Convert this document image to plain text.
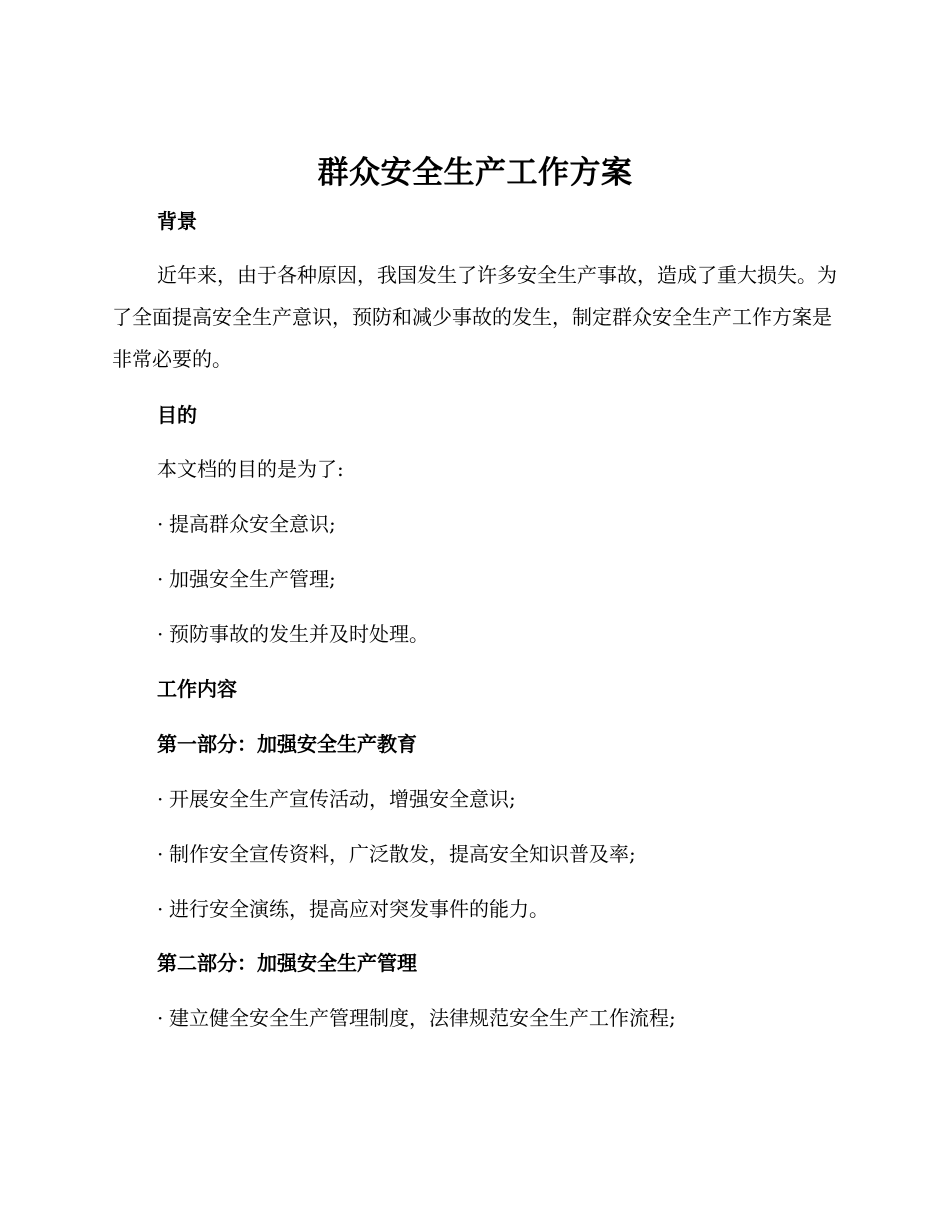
群众安全生产工作方案
背景
近年来，由于各种原因，我国发生了许多安全生产事故，造成了重大损失。为了全面提高安全生产意识，预防和减少事故的发生，制定群众安全生产工作方案是非常必要的。
目的
本文档的目的是为了:
· 提高群众安全意识;
· 加强安全生产管理;
· 预防事故的发生并及时处理。
工作内容
第一部分：加强安全生产教育
· 开展安全生产宣传活动，增强安全意识;
· 制作安全宣传资料，广泛散发，提高安全知识普及率;
· 进行安全演练，提高应对突发事件的能力。
第二部分：加强安全生产管理
· 建立健全安全生产管理制度，法律规范安全生产工作流程;
